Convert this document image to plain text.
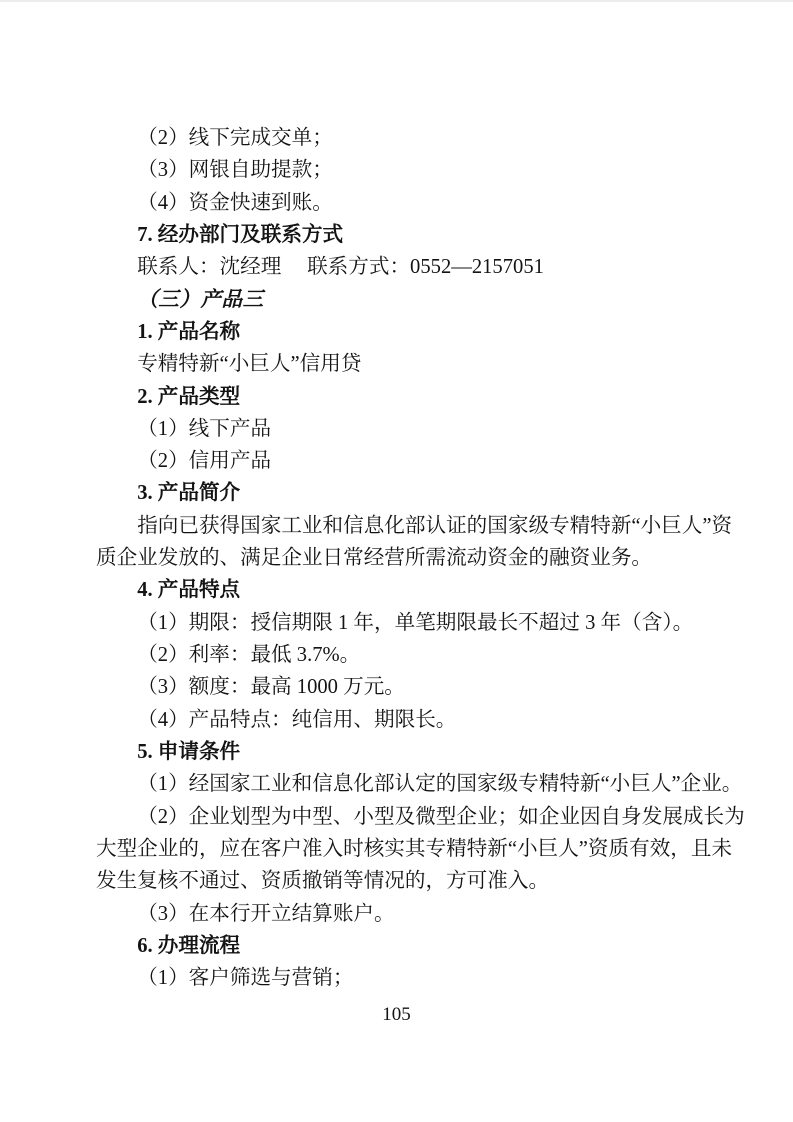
（2）线下完成交单；
（3）网银自助提款；
（4）资金快速到账。
7. 经办部门及联系方式
联系人：沈经理　 联系方式：0552—2157051
（三）产品三
1. 产品名称
专精特新“小巨人”信用贷
2. 产品类型
（1）线下产品
（2）信用产品
3. 产品简介
指向已获得国家工业和信息化部认证的国家级专精特新“小巨人”资
质企业发放的、满足企业日常经营所需流动资金的融资业务。
4. 产品特点
（1）期限：授信期限 1 年，单笔期限最长不超过 3 年（含）。
（2）利率：最低 3.7%。
（3）额度：最高 1000 万元。
（4）产品特点：纯信用、期限长。
5. 申请条件
（1）经国家工业和信息化部认定的国家级专精特新“小巨人”企业。
（2）企业划型为中型、小型及微型企业；如企业因自身发展成长为
大型企业的，应在客户准入时核实其专精特新“小巨人”资质有效，且未
发生复核不通过、资质撤销等情况的，方可准入。
（3）在本行开立结算账户。
6. 办理流程
（1）客户筛选与营销；
105
